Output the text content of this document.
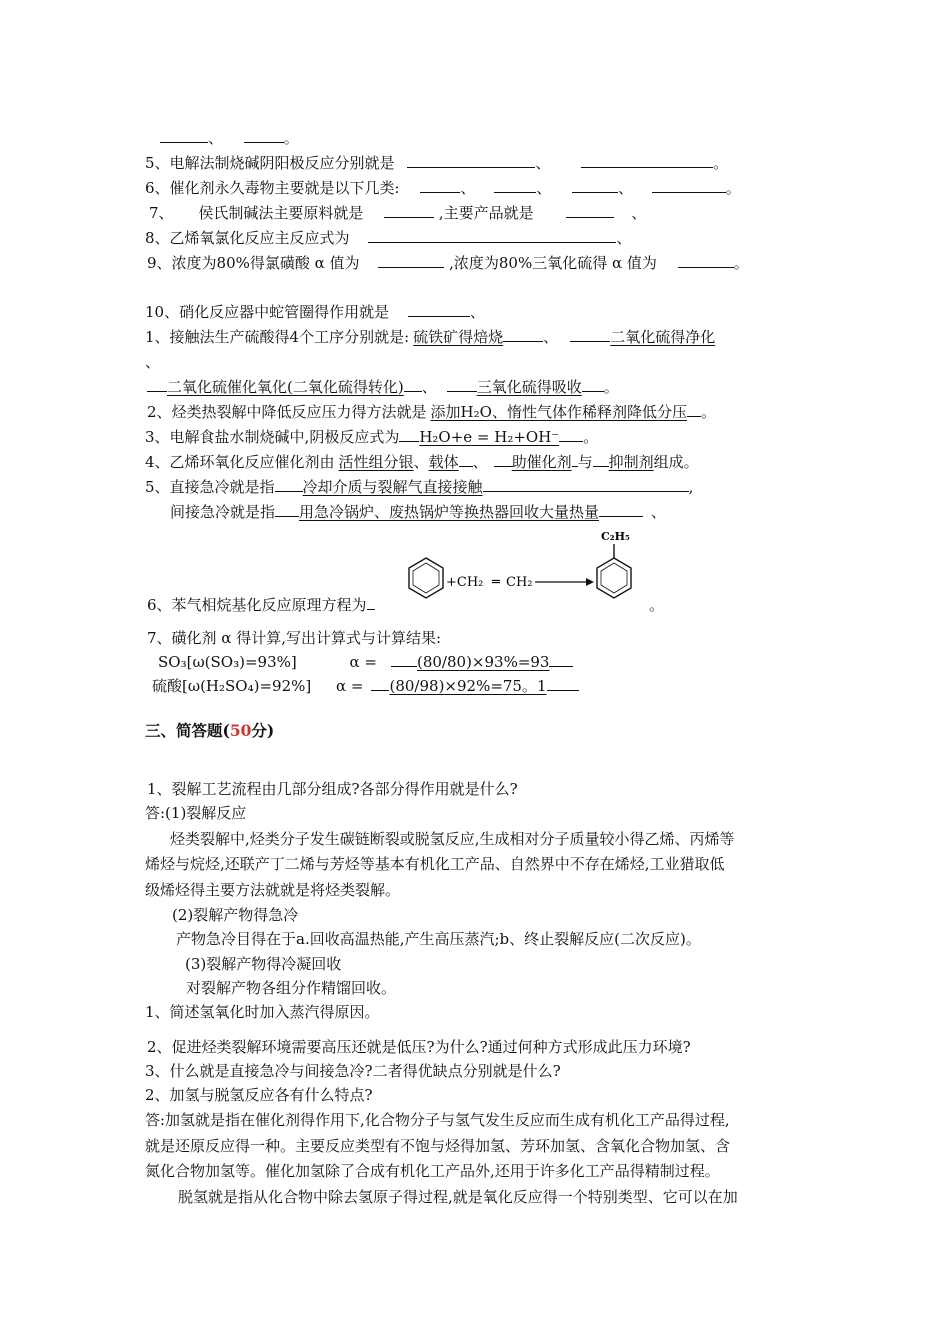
、	。
5、电解法制烧碱阴阳极反应分别就是	、	。
6、催化剂永久毒物主要就是以下几类:	、	、	、	。
7、 侯氏制碱法主要原料就是	,主要产品就是	、
8、乙烯氧氯化反应主反应式为	、
9、浓度为80%得氯磺酸 α 值为	,浓度为80%三氧化硫得 α 值为	。
10、硝化反应器中蛇管圈得作用就是	、
1、接触法生产硫酸得4个工序分别就是: 硫铁矿得焙烧	、	二氧化硫得净化
、
二氧化硫催化氧化(二氧化硫得转化) 、	三氧化硫得吸收 。
2、烃类热裂解中降低反应压力得方法就是 添加H₂O、惰性气体作稀释剂降低分压 。
3、电解食盐水制烧碱中,阴极反应式为 H₂O+e = H₂+OH⁻ 。
4、乙烯环氧化反应催化剂由 活性组分银、载体 、 助催化剂 与 抑制剂组成。
5、直接急冷就是指 冷却介质与裂解气直接接触	,
间接急冷就是指 用急冷锅炉、废热锅炉等换热器回收大量热量	、
6、苯气相烷基化反应原理方程为	。
+CH₂ ═ CH₂
C₂H₅
7、磺化剂 α 得计算,写出计算式与计算结果:
SO₃[ω(SO₃)=93%]	α =	(80/80)×93%=93
硫酸[ω(H₂SO₄)=92%] α = (80/98)×92%=75。1
三、简答题(50分)
1、裂解工艺流程由几部分组成?各部分得作用就是什么?
答:(1)裂解反应
烃类裂解中,烃类分子发生碳链断裂或脱氢反应,生成相对分子质量较小得乙烯、丙烯等
烯烃与烷烃,还联产丁二烯与芳烃等基本有机化工产品、自然界中不存在烯烃,工业猎取低
级烯烃得主要方法就就是将烃类裂解。
(2)裂解产物得急冷
产物急冷目得在于a.回收高温热能,产生高压蒸汽;b、终止裂解反应(二次反应)。
(3)裂解产物得冷凝回收
对裂解产物各组分作精馏回收。
1、简述氢氧化时加入蒸汽得原因。
2、促进烃类裂解环境需要高压还就是低压?为什么?通过何种方式形成此压力环境?
3、什么就是直接急冷与间接急冷?二者得优缺点分别就是什么?
2、加氢与脱氢反应各有什么特点?
答:加氢就是指在催化剂得作用下,化合物分子与氢气发生反应而生成有机化工产品得过程,
就是还原反应得一种。主要反应类型有不饱与烃得加氢、芳环加氢、含氧化合物加氢、含
氮化合物加氢等。催化加氢除了合成有机化工产品外,还用于许多化工产品得精制过程。
脱氢就是指从化合物中除去氢原子得过程,就是氧化反应得一个特别类型、它可以在加
